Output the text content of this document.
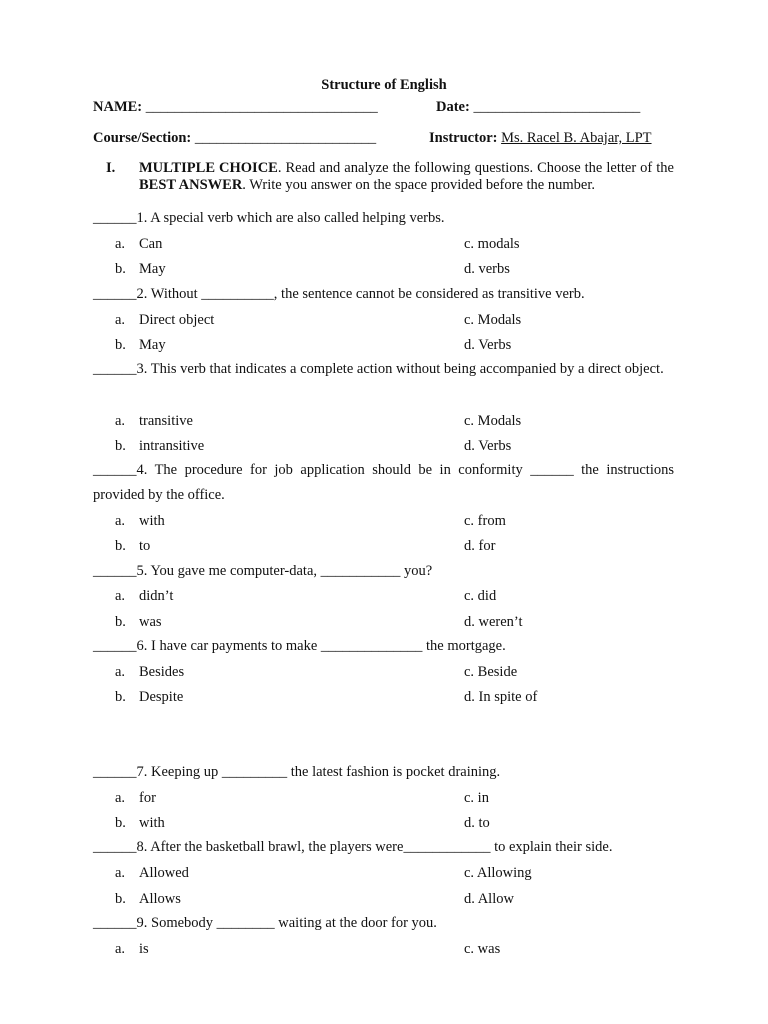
Structure of English
NAME: ________________________________	Date: _______________________
Course/Section: _________________________	Instructor: Ms. Racel B. Abajar, LPT
I. MULTIPLE CHOICE. Read and analyze the following questions. Choose the letter of the BEST ANSWER. Write you answer on the space provided before the number.
______1. A special verb which are also called helping verbs.
a. Can	c. modals
b. May	d. verbs
______2. Without __________, the sentence cannot be considered as transitive verb.
a. Direct object	c. Modals
b. May	d. Verbs
______3. This verb that indicates a complete action without being accompanied by a direct object.
a. transitive	c. Modals
b. intransitive	d. Verbs
______4. The procedure for job application should be in conformity ______ the instructions provided by the office.
a. with	c. from
b. to	d. for
______5. You gave me computer-data, ___________ you?
a. didn’t	c. did
b. was	d. weren’t
______6. I have car payments to make ______________ the mortgage.
a. Besides	c. Beside
b. Despite	d. In spite of
______7. Keeping up _________ the latest fashion is pocket draining.
a. for	c. in
b. with	d. to
______8. After the basketball brawl, the players were____________ to explain their side.
a. Allowed	c. Allowing
b. Allows	d. Allow
______9. Somebody ________ waiting at the door for you.
a. is	c. was
